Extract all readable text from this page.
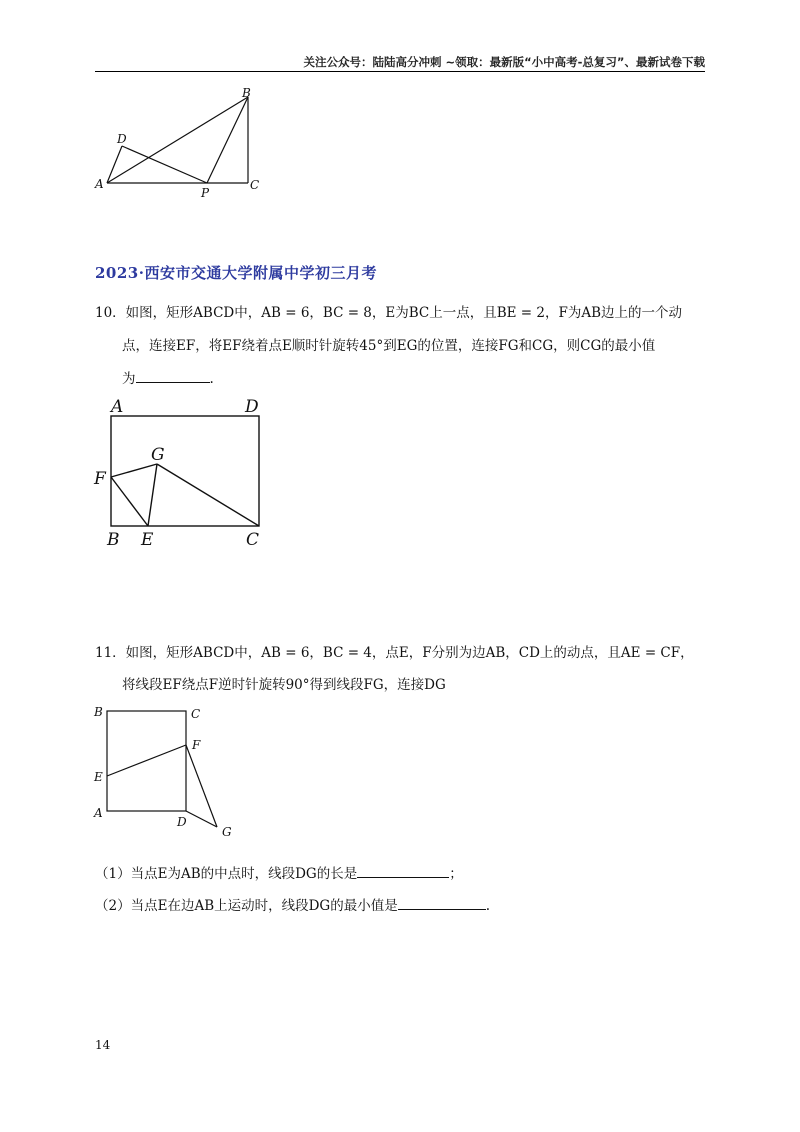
关注公众号：陆陆高分冲刺 ~领取：最新版“小中高考-总复习”、最新试卷下载
B
D
A
P
C
2023·西安市交通大学附属中学初三月考
10．如图，矩形ABCD中，AB = 6，BC = 8，E为BC上一点，且BE = 2，F为AB边上的一个动
点，连接EF，将EF绕着点E顺时针旋转45°到EG的位置，连接FG和CG，则CG的最小值
为	.
A	D
G
F
B E	C
11．如图，矩形ABCD中，AB = 6，BC = 4，点E，F分别为边AB，CD上的动点，且AE = CF，
将线段EF绕点F逆时针旋转90°得到线段FG，连接DG
B	C
F
E
A
D
G
（1）当点E为AB的中点时，线段DG的长是	；
（2）当点E在边AB上运动时，线段DG的最小值是	.
14
